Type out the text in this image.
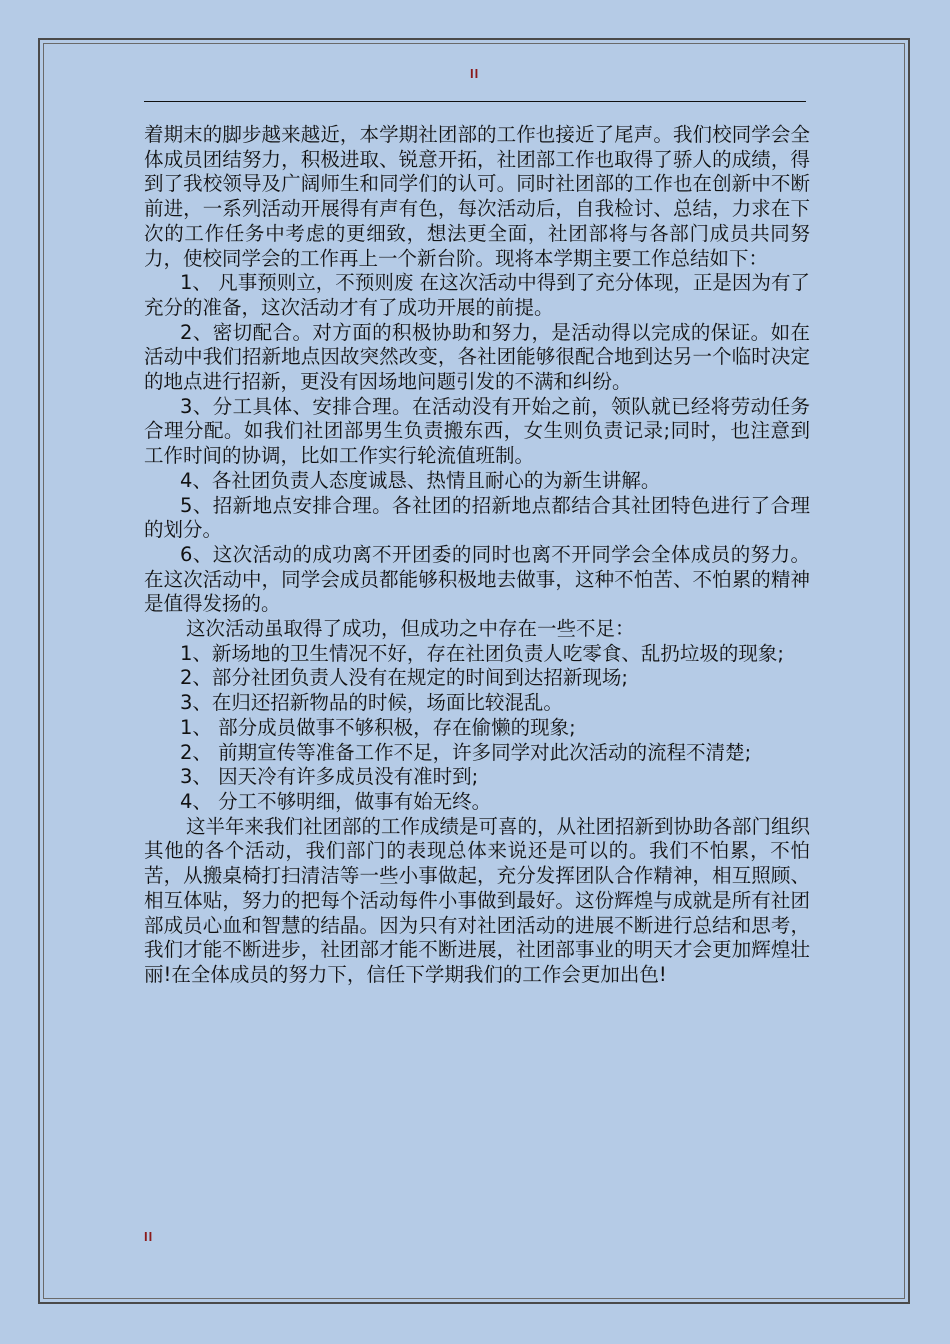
II

着期末的脚步越来越近，本学期社团部的工作也接近了尾声。我们校同学会全体成员团结努力，积极进取、锐意开拓，社团部工作也取得了骄人的成绩，得到了我校领导及广阔师生和同学们的认可。同时社团部的工作也在创新中不断前进，一系列活动开展得有声有色，每次活动后，自我检讨、总结，力求在下次的工作任务中考虑的更细致，想法更全面，社团部将与各部门成员共同努力，使校同学会的工作再上一个新台阶。现将本学期主要工作总结如下：

1、 凡事预则立，不预则废 在这次活动中得到了充分体现，正是因为有了充分的准备，这次活动才有了成功开展的前提。

2、密切配合。对方面的积极协助和努力，是活动得以完成的保证。如在活动中我们招新地点因故突然改变，各社团能够很配合地到达另一个临时决定的地点进行招新，更没有因场地问题引发的不满和纠纷。

3、分工具体、安排合理。在活动没有开始之前，领队就已经将劳动任务合理分配。如我们社团部男生负责搬东西，女生则负责记录;同时，也注意到工作时间的协调，比如工作实行轮流值班制。

4、各社团负责人态度诚恳、热情且耐心的为新生讲解。

5、招新地点安排合理。各社团的招新地点都结合其社团特色进行了合理的划分。

6、这次活动的成功离不开团委的同时也离不开同学会全体成员的努力。在这次活动中，同学会成员都能够积极地去做事，这种不怕苦、不怕累的精神是值得发扬的。

这次活动虽取得了成功，但成功之中存在一些不足：

1、新场地的卫生情况不好，存在社团负责人吃零食、乱扔垃圾的现象;

2、部分社团负责人没有在规定的时间到达招新现场;

3、在归还招新物品的时候，场面比较混乱。

1、 部分成员做事不够积极，存在偷懒的现象;

2、 前期宣传等准备工作不足，许多同学对此次活动的流程不清楚;

3、 因天冷有许多成员没有准时到;

4、 分工不够明细，做事有始无终。

这半年来我们社团部的工作成绩是可喜的，从社团招新到协助各部门组织其他的各个活动，我们部门的表现总体来说还是可以的。我们不怕累，不怕苦，从搬桌椅打扫清洁等一些小事做起，充分发挥团队合作精神，相互照顾、相互体贴，努力的把每个活动每件小事做到最好。这份辉煌与成就是所有社团部成员心血和智慧的结晶。因为只有对社团活动的进展不断进行总结和思考，我们才能不断进步，社团部才能不断进展，社团部事业的明天才会更加辉煌壮丽!在全体成员的努力下，信任下学期我们的工作会更加出色!

II
